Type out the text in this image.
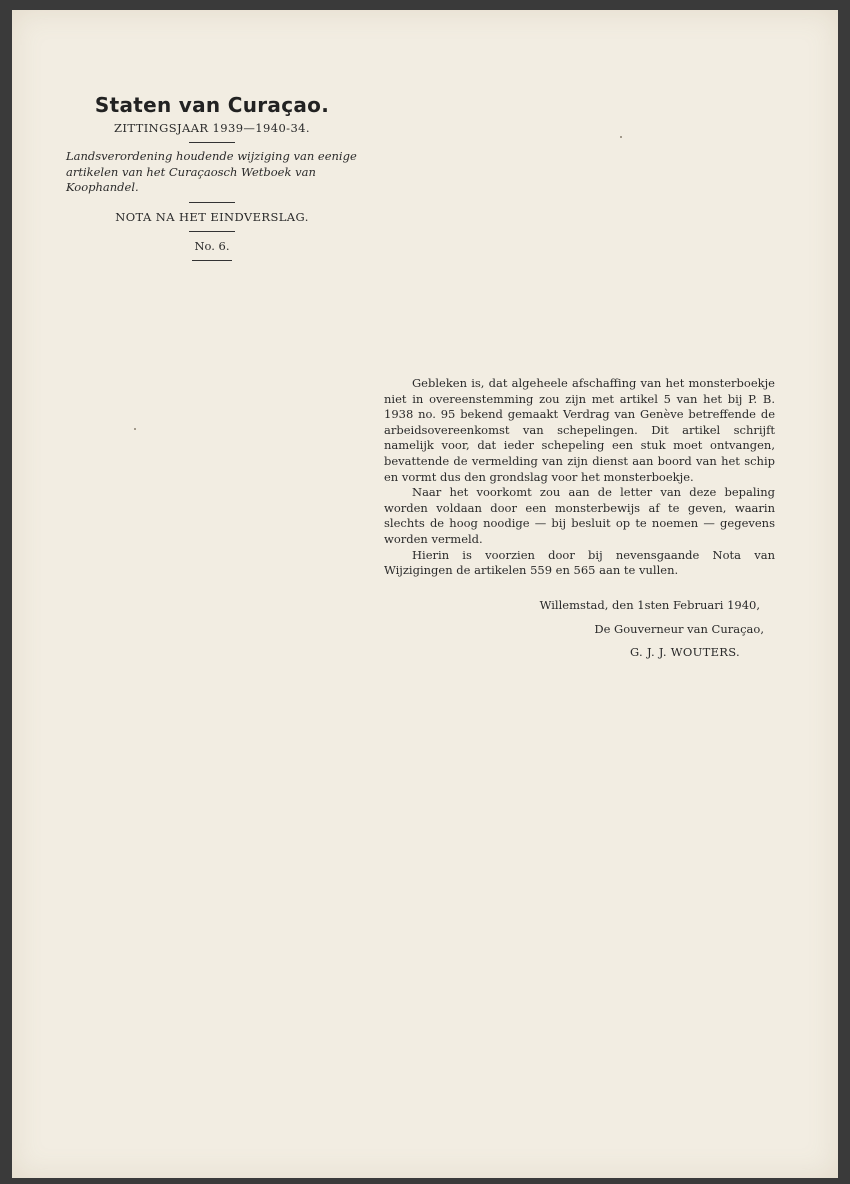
Staten van Curaçao.

ZITTINGSJAAR 1939—1940-34.

Landsverordening houdende wijziging van eenige artikelen van het Curaçaosch Wetboek van Koophandel.

NOTA NA HET EINDVERSLAG.

No. 6.

Gebleken is, dat algeheele afschaffing van het monsterboekje niet in overeenstemming zou zijn met artikel 5 van het bij P. B. 1938 no. 95 bekend gemaakt Verdrag van Genève betreffende de arbeidsovereenkomst van schepelingen. Dit artikel schrijft namelijk voor, dat ieder schepeling een stuk moet ontvangen, bevattende de vermelding van zijn dienst aan boord van het schip en vormt dus den grondslag voor het monsterboekje.

Naar het voorkomt zou aan de letter van deze bepaling worden voldaan door een monsterbewijs af te geven, waarin slechts de hoog noodige — bij besluit op te noemen — gegevens worden vermeld.

Hierin is voorzien door bij nevensgaande Nota van Wijzigingen de artikelen 559 en 565 aan te vullen.

Willemstad, den 1sten Februari 1940,
De Gouverneur van Curaçao,
G. J. J. WOUTERS.
